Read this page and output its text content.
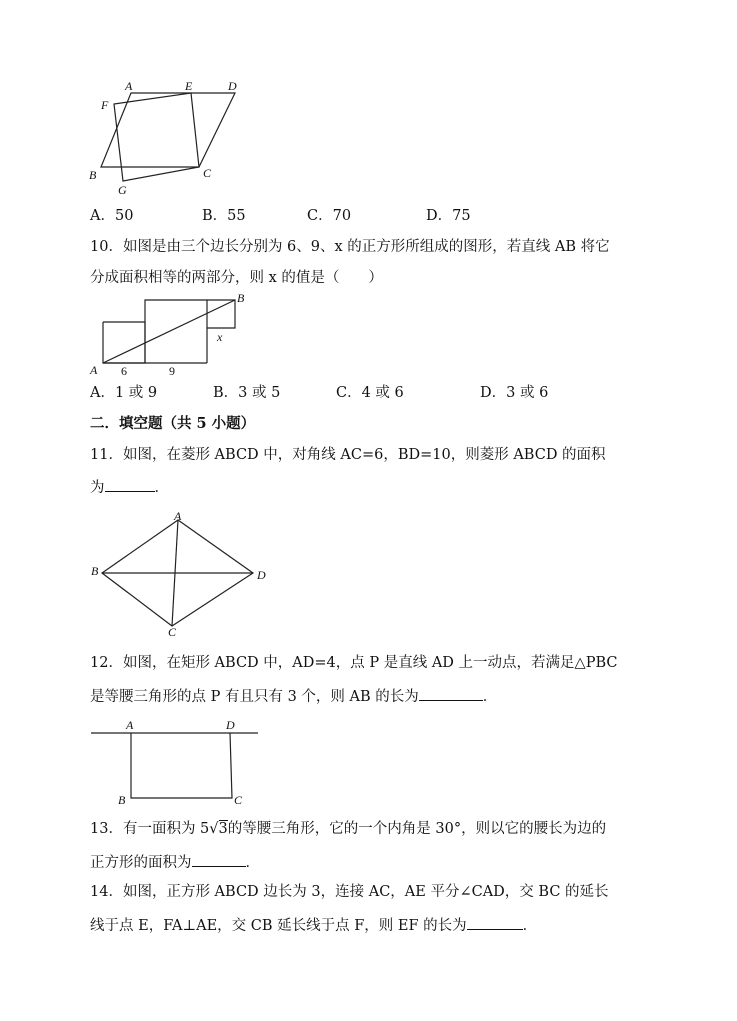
A	E	D
F
B
G
C
A．50	B．55	C．70	D．75
10．如图是由三个边长分别为 6、9、x 的正方形所组成的图形，若直线 AB 将它
分成面积相等的两部分，则 x 的值是（　　）
A
B
x
6	9
A．1 或 9	B．3 或 5	C．4 或 6	D．3 或 6
二．填空题（共 5 小题）
11．如图，在菱形 ABCD 中，对角线 AC=6，BD=10，则菱形 ABCD 的面积
为	．
A
B	D
C
12．如图，在矩形 ABCD 中，AD=4，点 P 是直线 AD 上一动点，若满足△PBC
是等腰三角形的点 P 有且只有 3 个，则 AB 的长为	．
A	D
B	C
13．有一面积为 5√3的等腰三角形，它的一个内角是 30°，则以它的腰长为边的
正方形的面积为	．
14．如图，正方形 ABCD 边长为 3，连接 AC，AE 平分∠CAD，交 BC 的延长
线于点 E，FA⊥AE，交 CB 延长线于点 F，则 EF 的长为	．
